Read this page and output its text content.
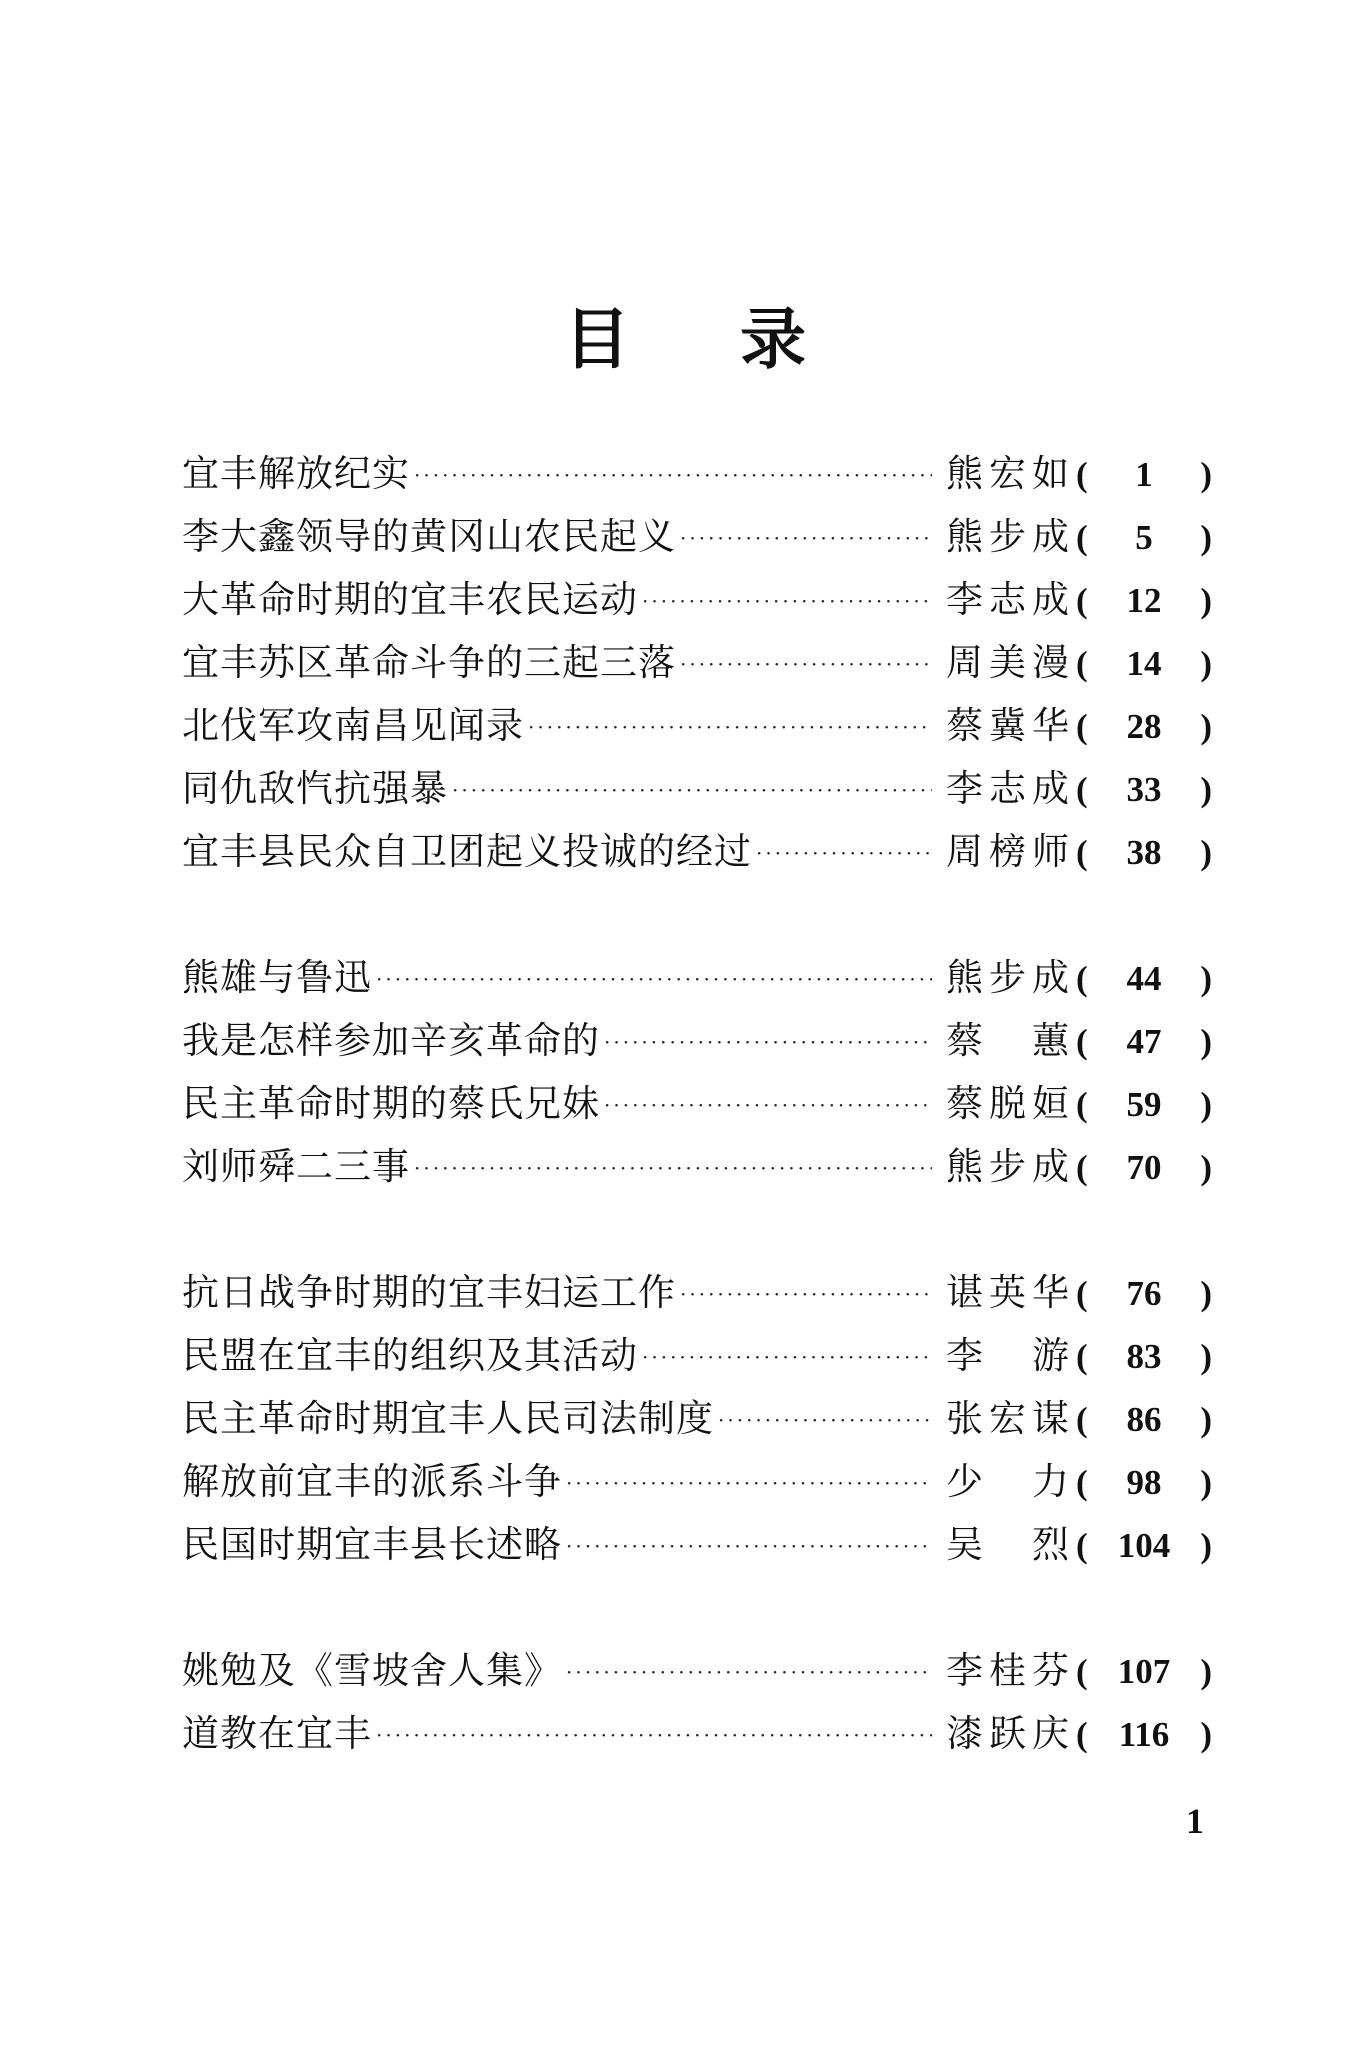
目 录
宜丰解放纪实 ·····	熊宏如 (	1	)
李大鑫领导的黄冈山农民起义 ·····	熊步成 (	5	)
大革命时期的宜丰农民运动 ·····	李志成 (	12	)
宜丰苏区革命斗争的三起三落 ·····	周美漫 (	14	)
北伐军攻南昌见闻录 ·····	蔡冀华 (	28	)
同仇敌忾抗强暴 ·····	李志成 (	33	)
宜丰县民众自卫团起义投诚的经过 ·····	周榜师 (	38	)
熊雄与鲁迅 ·····	熊步成 (	44	)
我是怎样参加辛亥革命的 ·····	蔡　蕙 (	47	)
民主革命时期的蔡氏兄妹 ·····	蔡脱姮 (	59	)
刘师舜二三事 ·····	熊步成 (	70	)
抗日战争时期的宜丰妇运工作 ·····	谌英华 (	76	)
民盟在宜丰的组织及其活动 ·····	李　游 (	83	)
民主革命时期宜丰人民司法制度 ·····	张宏谋 (	86	)
解放前宜丰的派系斗争 ·····	少　力 (	98	)
民国时期宜丰县长述略 ·····	吴　烈 ( 104 )
姚勉及《雪坡舍人集》 ·····	李桂芬 ( 107 )
道教在宜丰 ·····	漆跃庆 ( 116 )
1
